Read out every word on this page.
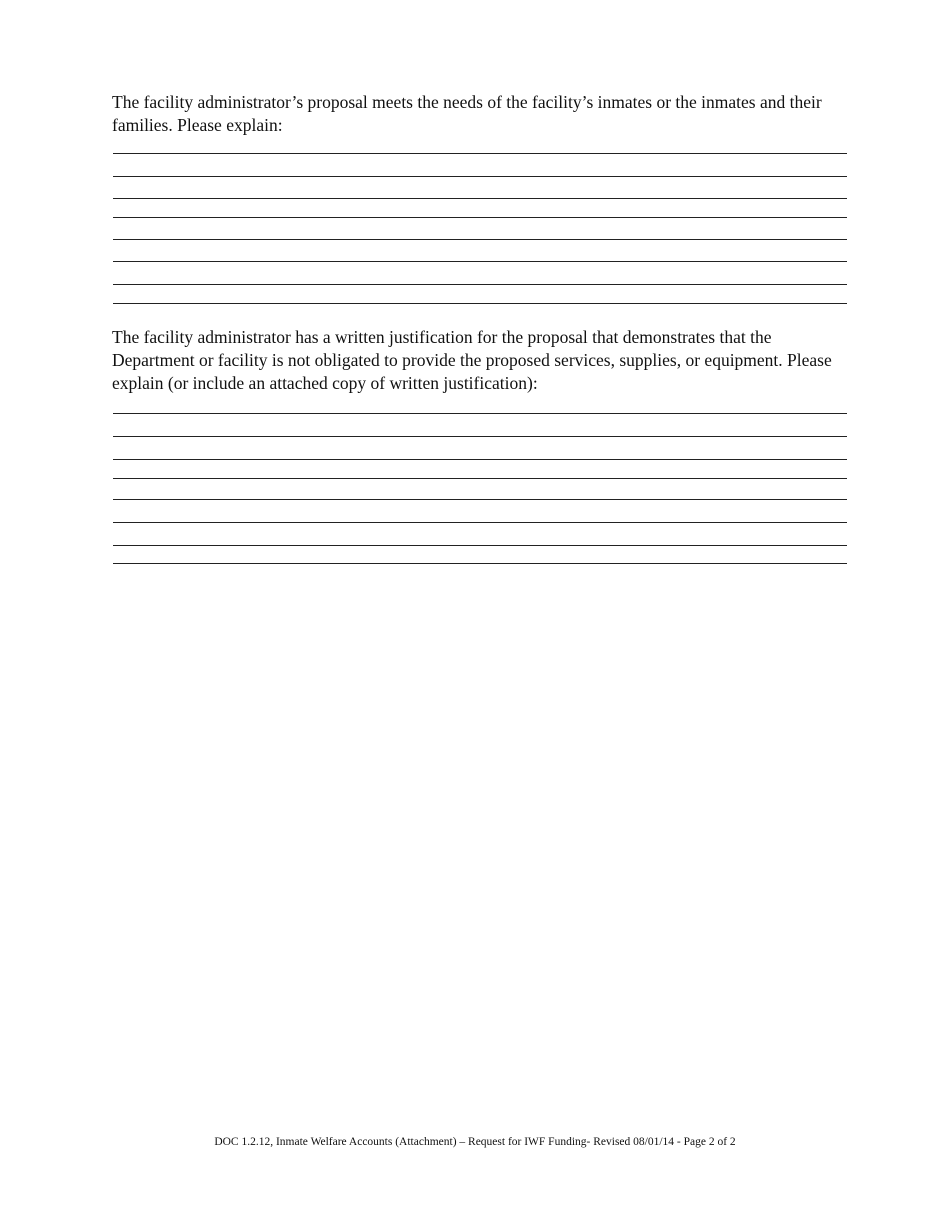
The facility administrator’s proposal meets the needs of the facility’s inmates or the inmates and their families. Please explain:

The facility administrator has a written justification for the proposal that demonstrates that the Department or facility is not obligated to provide the proposed services, supplies, or equipment. Please explain (or include an attached copy of written justification):

DOC 1.2.12, Inmate Welfare Accounts (Attachment) – Request for IWF Funding- Revised 08/01/14 - Page 2 of 2
